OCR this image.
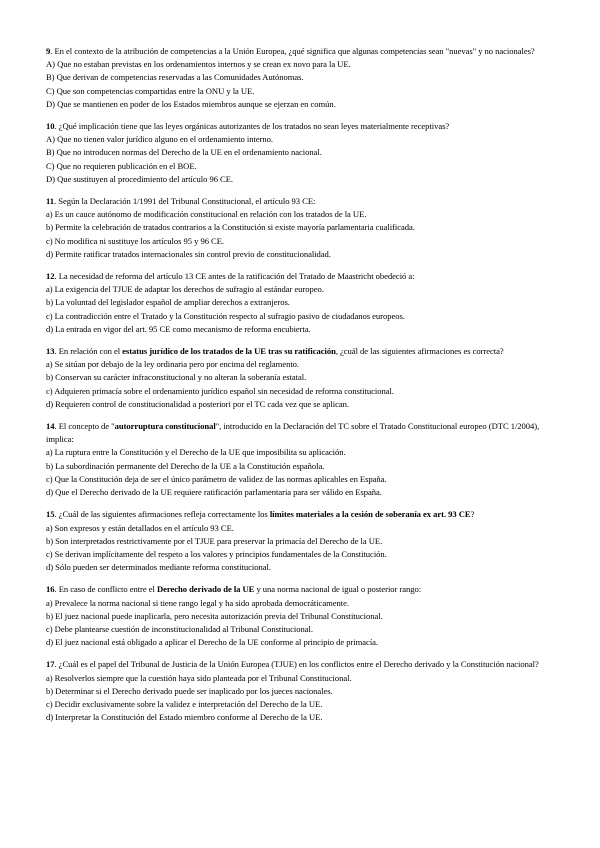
9. En el contexto de la atribución de competencias a la Unión Europea, ¿qué significa que algunas competencias sean "nuevas" y no nacionales?

A) Que no estaban previstas en los ordenamientos internos y se crean ex novo para la UE.

B) Que derivan de competencias reservadas a las Comunidades Autónomas.

C) Que son competencias compartidas entre la ONU y la UE.

D) Que se mantienen en poder de los Estados miembros aunque se ejerzan en común.

10. ¿Qué implicación tiene que las leyes orgánicas autorizantes de los tratados no sean leyes materialmente receptivas?

A) Que no tienen valor jurídico alguno en el ordenamiento interno.

B) Que no introducen normas del Derecho de la UE en el ordenamiento nacional.

C) Que no requieren publicación en el BOE.

D) Que sustituyen al procedimiento del artículo 96 CE.

11. Según la Declaración 1/1991 del Tribunal Constitucional, el artículo 93 CE:

a) Es un cauce autónomo de modificación constitucional en relación con los tratados de la UE.

b) Permite la celebración de tratados contrarios a la Constitución si existe mayoría parlamentaria cualificada.

c) No modifica ni sustituye los artículos 95 y 96 CE.

d) Permite ratificar tratados internacionales sin control previo de constitucionalidad.

12. La necesidad de reforma del artículo 13 CE antes de la ratificación del Tratado de Maastricht obedeció a:

a) La exigencia del TJUE de adaptar los derechos de sufragio al estándar europeo.

b) La voluntad del legislador español de ampliar derechos a extranjeros.

c) La contradicción entre el Tratado y la Constitución respecto al sufragio pasivo de ciudadanos europeos.

d) La entrada en vigor del art. 95 CE como mecanismo de reforma encubierta.

13. En relación con el estatus jurídico de los tratados de la UE tras su ratificación, ¿cuál de las siguientes afirmaciones es correcta?

a) Se sitúan por debajo de la ley ordinaria pero por encima del reglamento.

b) Conservan su carácter infraconstitucional y no alteran la soberanía estatal.

c) Adquieren primacía sobre el ordenamiento jurídico español sin necesidad de reforma constitucional.

d) Requieren control de constitucionalidad a posteriori por el TC cada vez que se aplican.

14. El concepto de "autorruptura constitucional", introducido en la Declaración del TC sobre el Tratado Constitucional europeo (DTC 1/2004), implica:

a) La ruptura entre la Constitución y el Derecho de la UE que imposibilita su aplicación.

b) La subordinación permanente del Derecho de la UE a la Constitución española.

c) Que la Constitución deja de ser el único parámetro de validez de las normas aplicables en España.

d) Que el Derecho derivado de la UE requiere ratificación parlamentaria para ser válido en España.

15. ¿Cuál de las siguientes afirmaciones refleja correctamente los límites materiales a la cesión de soberanía ex art. 93 CE?

a) Son expresos y están detallados en el artículo 93 CE.

b) Son interpretados restrictivamente por el TJUE para preservar la primacía del Derecho de la UE.

c) Se derivan implícitamente del respeto a los valores y principios fundamentales de la Constitución.

d) Sólo pueden ser determinados mediante reforma constitucional.

16. En caso de conflicto entre el Derecho derivado de la UE y una norma nacional de igual o posterior rango:

a) Prevalece la norma nacional si tiene rango legal y ha sido aprobada democráticamente.

b) El juez nacional puede inaplicarla, pero necesita autorización previa del Tribunal Constitucional.

c) Debe plantearse cuestión de inconstitucionalidad al Tribunal Constitucional.

d) El juez nacional está obligado a aplicar el Derecho de la UE conforme al principio de primacía.

17. ¿Cuál es el papel del Tribunal de Justicia de la Unión Europea (TJUE) en los conflictos entre el Derecho derivado y la Constitución nacional?

a) Resolverlos siempre que la cuestión haya sido planteada por el Tribunal Constitucional.

b) Determinar si el Derecho derivado puede ser inaplicado por los jueces nacionales.

c) Decidir exclusivamente sobre la validez e interpretación del Derecho de la UE.

d) Interpretar la Constitución del Estado miembro conforme al Derecho de la UE.
